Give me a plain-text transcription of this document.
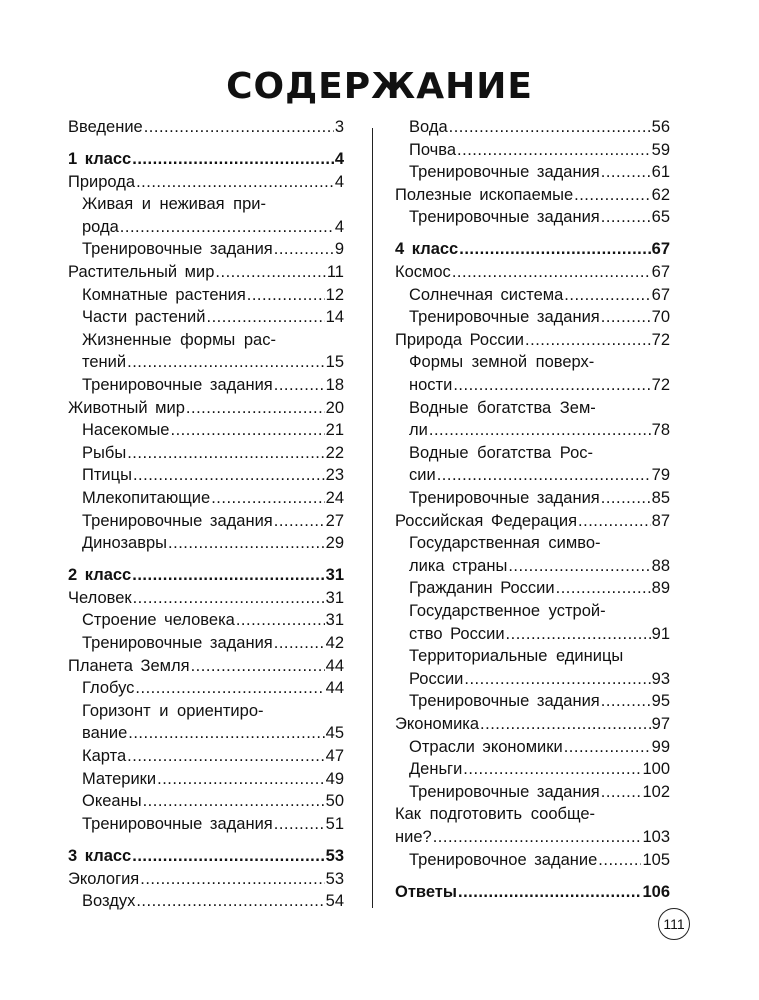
СОДЕРЖАНИЕ
Введение .....	3
1 класс .....	4
Природа .....	4
Живая и неживая при-
рода .....	4
Тренировочные задания .....	9
Растительный мир .....	11
Комнатные растения .....	12
Части растений .....	14
Жизненные формы рас-
тений .....	15
Тренировочные задания .....	18
Животный мир .....	20
Насекомые .....	21
Рыбы .....	22
Птицы .....	23
Млекопитающие .....	24
Тренировочные задания .....	27
Динозавры .....	29
2 класс .....	31
Человек .....	31
Строение человека .....	31
Тренировочные задания .....	42
Планета Земля .....	44
Глобус .....	44
Горизонт и ориентиро-
вание .....	45
Карта .....	47
Материки .....	49
Океаны .....	50
Тренировочные задания .....	51
3 класс .....	53
Экология .....	53
Воздух .....	54
Вода .....	56
Почва .....	59
Тренировочные задания .....	61
Полезные ископаемые .....	62
Тренировочные задания .....	65
4 класс .....	67
Космос .....	67
Солнечная система .....	67
Тренировочные задания .....	70
Природа России .....	72
Формы земной поверх-
ности .....	72
Водные богатства Зем-
ли .....	78
Водные богатства Рос-
сии .....	79
Тренировочные задания .....	85
Российская Федерация .....	87
Государственная симво-
лика страны .....	88
Гражданин России .....	89
Государственное устрой-
ство России .....	91
Территориальные единицы
России .....	93
Тренировочные задания .....	95
Экономика .....	97
Отрасли экономики .....	99
Деньги .....	100
Тренировочные задания .....	102
Как подготовить сообще-
ние? .....	103
Тренировочное задание .....	105
Ответы .....	106
111
